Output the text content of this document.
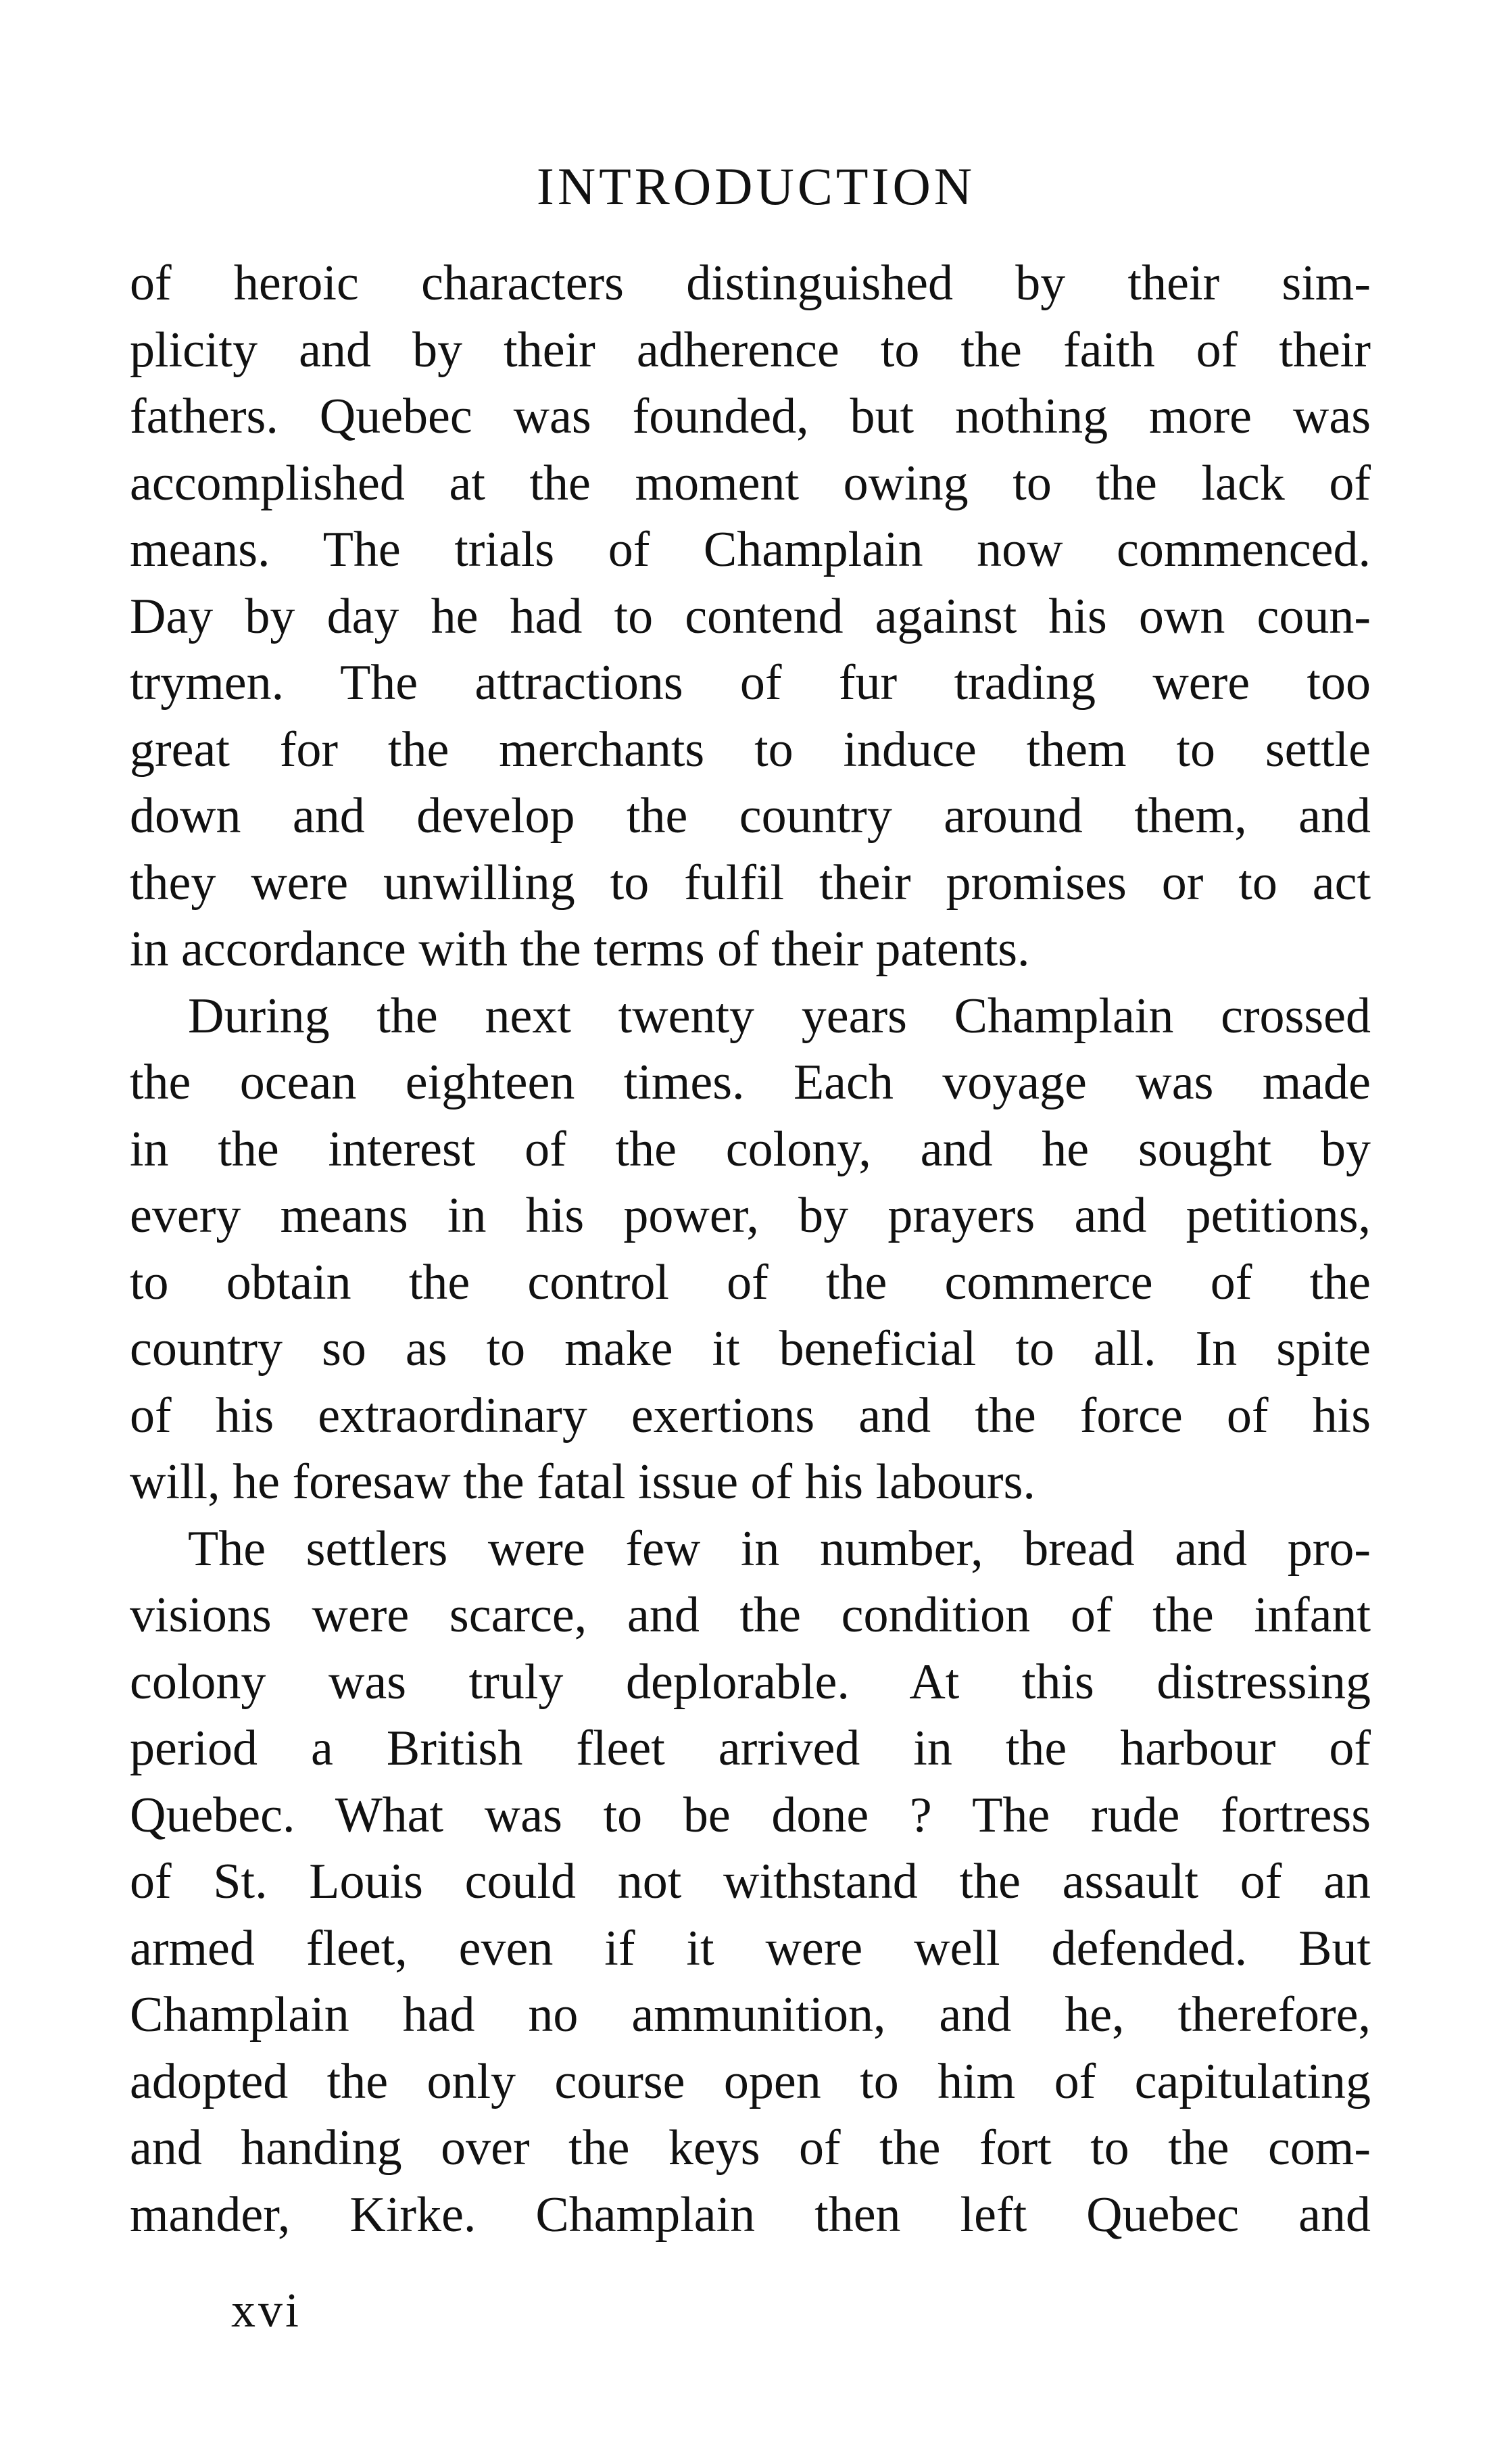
INTRODUCTION

of heroic characters distinguished by their sim-
plicity and by their adherence to the faith of their
fathers. Quebec was founded, but nothing more was
accomplished at the moment owing to the lack of
means. The trials of Champlain now commenced.
Day by day he had to contend against his own coun-
trymen. The attractions of fur trading were too
great for the merchants to induce them to settle
down and develop the country around them, and
they were unwilling to fulfil their promises or to act
in accordance with the terms of their patents.

During the next twenty years Champlain crossed
the ocean eighteen times. Each voyage was made
in the interest of the colony, and he sought by
every means in his power, by prayers and petitions,
to obtain the control of the commerce of the
country so as to make it beneficial to all. In spite
of his extraordinary exertions and the force of his
will, he foresaw the fatal issue of his labours.

The settlers were few in number, bread and pro-
visions were scarce, and the condition of the infant
colony was truly deplorable. At this distressing
period a British fleet arrived in the harbour of
Quebec. What was to be done ? The rude fortress
of St. Louis could not withstand the assault of an
armed fleet, even if it were well defended. But
Champlain had no ammunition, and he, therefore,
adopted the only course open to him of capitulating
and handing over the keys of the fort to the com-
mander, Kirke. Champlain then left Quebec and

xvi
